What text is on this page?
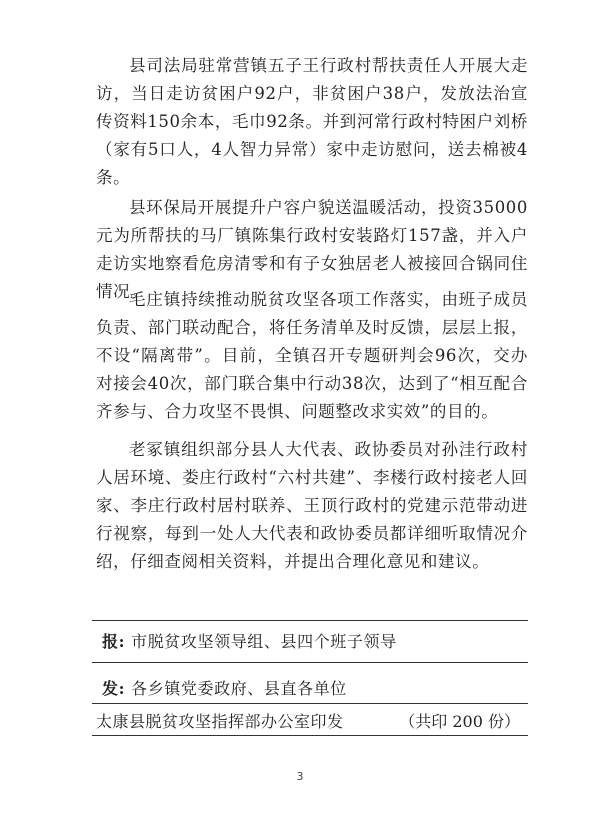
县司法局驻常营镇五子王行政村帮扶责任人开展大走访，当日走访贫困户92户，非贫困户38户，发放法治宣传资料150余本，毛巾92条。并到河常行政村特困户刘桥（家有5口人，4人智力异常）家中走访慰问，送去棉被4条。

县环保局开展提升户容户貌送温暖活动，投资35000元为所帮扶的马厂镇陈集行政村安装路灯157盏，并入户走访实地察看危房清零和有子女独居老人被接回合锅同住情况。

毛庄镇持续推动脱贫攻坚各项工作落实，由班子成员负责、部门联动配合，将任务清单及时反馈，层层上报，不设“隔离带”。目前，全镇召开专题研判会96次，交办对接会40次，部门联合集中行动38次，达到了“相互配合齐参与、合力攻坚不畏惧、问题整改求实效”的目的。

老冢镇组织部分县人大代表、政协委员对孙洼行政村人居环境、娄庄行政村“六村共建”、李楼行政村接老人回家、李庄行政村居村联养、王顶行政村的党建示范带动进行视察，每到一处人大代表和政协委员都详细听取情况介绍，仔细查阅相关资料，并提出合理化意见和建议。

报: 市脱贫攻坚领导组、县四个班子领导
发: 各乡镇党委政府、县直各单位
太康县脱贫攻坚指挥部办公室印发	（共印 200 份）
3
